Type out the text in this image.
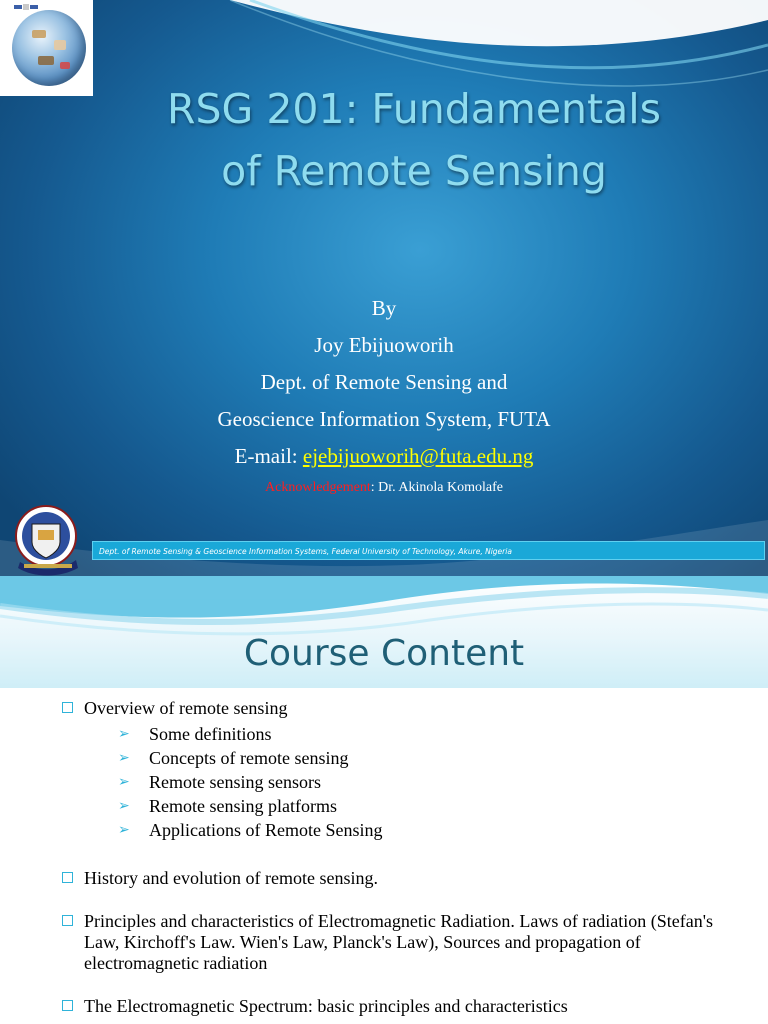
RSG 201: Fundamentals
of Remote Sensing
By
Joy Ebijuoworih
Dept. of Remote Sensing and
Geoscience Information System, FUTA
E-mail: ejebijuoworih@futa.edu.ng
Acknowledgement: Dr. Akinola Komolafe
Dept. of Remote Sensing & Geoscience Information Systems, Federal University of Technology, Akure, Nigeria
Course Content
Overview of remote sensing
➢ Some definitions
➢ Concepts of remote sensing
➢ Remote sensing sensors
➢ Remote sensing platforms
➢ Applications of Remote Sensing
History and evolution of remote sensing.
Principles and characteristics of Electromagnetic Radiation. Laws of radiation (Stefan's Law, Kirchoff's Law. Wien's Law, Planck's Law), Sources and propagation of electromagnetic radiation
The Electromagnetic Spectrum: basic principles and characteristics
